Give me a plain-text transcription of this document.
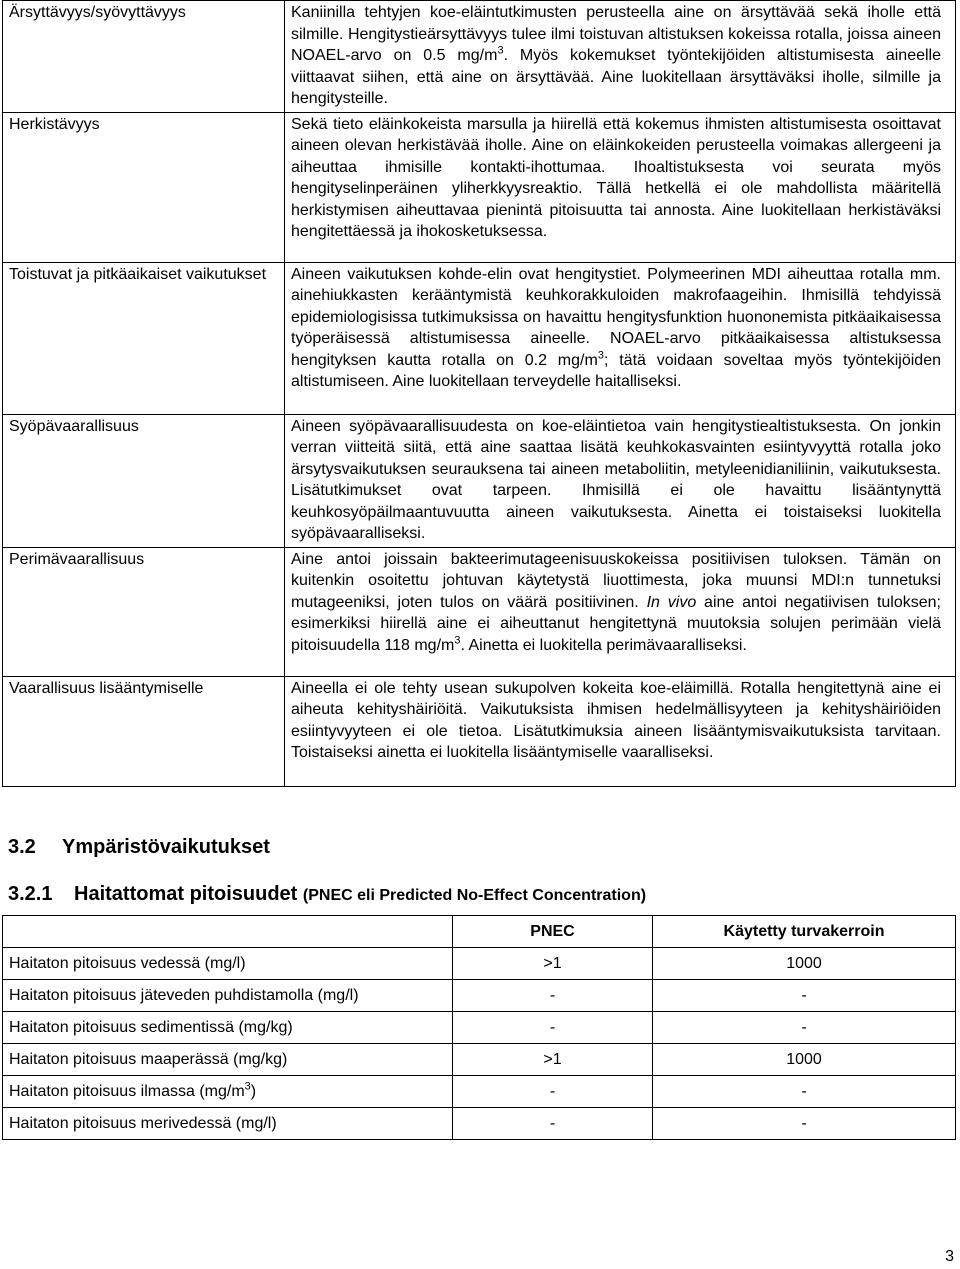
Ärsyttävyys/syövyttävyys	Kaniinilla tehtyjen koe-eläintutkimusten perusteella aine on ärsyttävää sekä iholle että silmille. Hengitystieärsyttävyys tulee ilmi toistuvan altistuksen kokeissa rotalla, joissa aineen NOAEL-arvo on 0.5 $mg/m^3$. Myös kokemukset työntekijöiden altistumisesta aineelle viittaavat siihen, että aine on ärsyttävää. Aine luokitellaan ärsyttäväksi iholle, silmille ja hengitysteille.
Herkistävyys	Sekä tieto eläinkokeista marsulla ja hiirellä että kokemus ihmisten altistumisesta osoittavat aineen olevan herkistävää iholle. Aine on eläinkokeiden perusteella voimakas allergeeni ja aiheuttaa ihmisille kontakti-ihottumaa. Ihoaltistuksesta voi seurata myös hengityselinperäinen yliherkkyysreaktio. Tällä hetkellä ei ole mahdollista määritellä herkistymisen aiheuttavaa pienintä pitoisuutta tai annosta. Aine luokitellaan herkistäväksi hengitettäessä ja ihokosketuksessa.
Toistuvat ja pitkäaikaiset vaikutukset	Aineen vaikutuksen kohde-elin ovat hengitystiet. Polymeerinen MDI aiheuttaa rotalla mm. ainehiukkasten kerääntymistä keuhkorakkuloiden makrofaageihin. Ihmisillä tehdyissä epidemiologisissa tutkimuksissa on havaittu hengitysfunktion huononemista pitkäaikaisessa työperäisessä altistumisessa aineelle. NOAEL-arvo pitkäaikaisessa altistuksessa hengityksen kautta rotalla on 0.2 $mg/m^3$; tätä voidaan soveltaa myös työntekijöiden altistumiseen. Aine luokitellaan terveydelle haitalliseksi.
Syöpävaarallisuus	Aineen syöpävaarallisuudesta on koe-eläintietoa vain hengitystiealtistuksesta. On jonkin verran viitteitä siitä, että aine saattaa lisätä keuhkokasvainten esiintyvyyttä rotalla joko ärsytysvaikutuksen seurauksena tai aineen metaboliitin, metyleenidianiliinin, vaikutuksesta. Lisätutkimukset ovat tarpeen. Ihmisillä ei ole havaittu lisääntynyttä keuhkosyöpäilmaantuvuutta aineen vaikutuksesta. Ainetta ei toistaiseksi luokitella syöpävaaralliseksi.
Perimävaarallisuus	Aine antoi joissain bakteerimutageenisuuskokeissa positiivisen tuloksen. Tämän on kuitenkin osoitettu johtuvan käytetystä liuottimesta, joka muunsi MDI:n tunnetuksi mutageeniksi, joten tulos on väärä positiivinen. In vivo aine antoi negatiivisen tuloksen; esimerkiksi hiirellä aine ei aiheuttanut hengitettynä muutoksia solujen perimään vielä pitoisuudella 118 $mg/m^3$. Ainetta ei luokitella perimävaaralliseksi.
Vaarallisuus lisääntymiselle	Aineella ei ole tehty usean sukupolven kokeita koe-eläimillä. Rotalla hengitettynä aine ei aiheuta kehityshäiriöitä. Vaikutuksista ihmisen hedelmällisyyteen ja kehityshäiriöiden esiintyvyyteen ei ole tietoa. Lisätutkimuksia aineen lisääntymisvaikutuksista tarvitaan. Toistaiseksi ainetta ei luokitella lisääntymiselle vaaralliseksi.
3.2 Ympäristövaikutukset
3.2.1 Haitattomat pitoisuudet (PNEC eli Predicted No-Effect Concentration)
	PNEC	Käytetty turvakerroin
Haitaton pitoisuus vedessä (mg/l)	>1	1000
Haitaton pitoisuus jäteveden puhdistamolla (mg/l)	-	-
Haitaton pitoisuus sedimentissä (mg/kg)	-	-
Haitaton pitoisuus maaperässä (mg/kg)	>1	1000
Haitaton pitoisuus ilmassa $(mg/m^3)$	-	-
Haitaton pitoisuus merivedessä (mg/l)	-	-
3
